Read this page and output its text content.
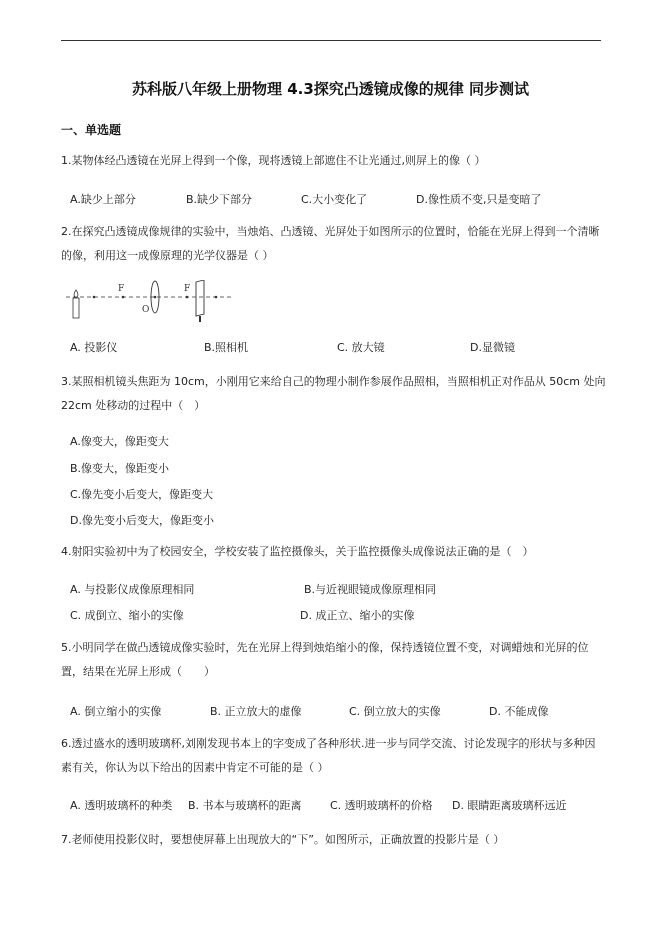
苏科版八年级上册物理 4.3探究凸透镜成像的规律 同步测试
一、单选题
1.某物体经凸透镜在光屏上得到一个像，现将透镜上部遮住不让光通过,则屏上的像（ ）
A.缺少上部分	B.缺少下部分	C.大小变化了	D.像性质不变,只是变暗了
2.在探究凸透镜成像规律的实验中，当烛焰、凸透镜、光屏处于如图所示的位置时，恰能在光屏上得到一个清晰的像，利用这一成像原理的光学仪器是（ ）
F	F
O
A. 投影仪	B.照相机	C. 放大镜	D.显微镜
3.某照相机镜头焦距为 10cm，小刚用它来给自己的物理小制作参展作品照相，当照相机正对作品从 50cm 处向 22cm 处移动的过程中（　）
A.像变大，像距变大
B.像变大，像距变小
C.像先变小后变大，像距变大
D.像先变小后变大，像距变小
4.射阳实验初中为了校园安全，学校安装了监控摄像头，关于监控摄像头成像说法正确的是（　）
A. 与投影仪成像原理相同	B.与近视眼镜成像原理相同
C. 成倒立、缩小的实像	D. 成正立、缩小的实像
5.小明同学在做凸透镜成像实验时，先在光屏上得到烛焰缩小的像，保持透镜位置不变，对调蜡烛和光屏的位置，结果在光屏上形成（　　）
A. 倒立缩小的实像	B. 正立放大的虚像	C. 倒立放大的实像	D. 不能成像
6.透过盛水的透明玻璃杯,刘刚发现书本上的字变成了各种形状.进一步与同学交流、讨论发现字的形状与多种因素有关，你认为以下给出的因素中肯定不可能的是（ ）
A. 透明玻璃杯的种类 B. 书本与玻璃杯的距离	C. 透明玻璃杯的价格 D. 眼睛距离玻璃杯远近
7.老师使用投影仪时，要想使屏幕上出现放大的“下”。如图所示，正确放置的投影片是（ ）
